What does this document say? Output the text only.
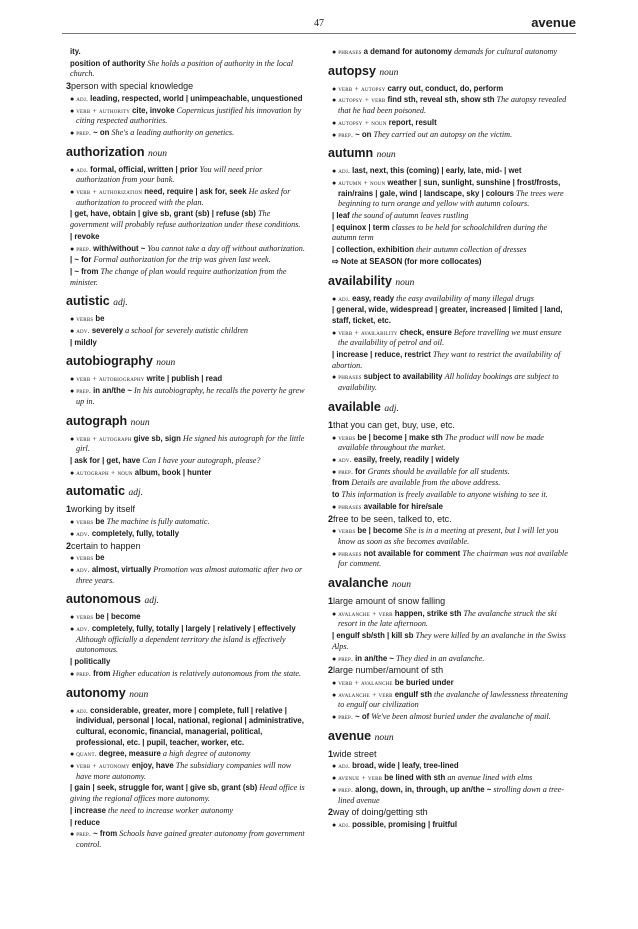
47	avenue
ity.
position of authority She holds a position of authority in the local church.
3person with special knowledge
● adj. leading, respected, world | unimpeachable, unquestioned
● verb + authority cite, invoke Copernicus justified his innovation by citing respected authorities.
● prep. ~ on She's a leading authority on genetics.
authorization noun
● adj. formal, official, written | prior You will need prior authorization from your bank.
● verb + authorization need, require | ask for, seek He asked for authorization to proceed with the plan.
| get, have, obtain | give sb, grant (sb) | refuse (sb) The government will probably refuse authorization under these conditions.
| revoke
● prep. with/without ~ You cannot take a day off without authorization.
| ~ for Formal authorization for the trip was given last week.
| ~ from The change of plan would require authorization from the minister.
autistic adj.
● verbs be
● adv. severely a school for severely autistic children
| mildly
autobiography noun
● verb + autobiography write | publish | read
● prep. in an/the ~ In his autobiography, he recalls the poverty he grew up in.
autograph noun
● verb + autograph give sb, sign He signed his autograph for the little girl.
| ask for | get, have Can I have your autograph, please?
● autograph + noun album, book | hunter
automatic adj.
1working by itself
● verbs be The machine is fully automatic.
● adv. completely, fully, totally
2certain to happen
● verbs be
● adv. almost, virtually Promotion was almost automatic after two or three years.
autonomous adj.
● verbs be | become
● adv. completely, fully, totally | largely | relatively | effectively Although officially a dependent territory the island is effectively autonomous.
| politically
● prep. from Higher education is relatively autonomous from the state.
autonomy noun
● adj. considerable, greater, more | complete, full | relative | individual, personal | local, national, regional | administrative, cultural, economic, financial, managerial, political, professional, etc. | pupil, teacher, worker, etc.
● quant. degree, measure a high degree of autonomy
● verb + autonomy enjoy, have The subsidiary companies will now have more autonomy.
| gain | seek, struggle for, want | give sb, grant (sb) Head office is giving the regional offices more autonomy.
| increase the need to increase worker autonomy
| reduce
● prep. ~ from Schools have gained greater autonomy from government control.
● phrases a demand for autonomy demands for cultural autonomy
autopsy noun
● verb + autopsy carry out, conduct, do, perform
● autopsy + verb find sth, reveal sth, show sth The autopsy revealed that he had been poisoned.
● autopsy + noun report, result
● prep. ~ on They carried out an autopsy on the victim.
autumn noun
● adj. last, next, this (coming) | early, late, mid- | wet
● autumn + noun weather | sun, sunlight, sunshine | frost/frosts, rain/rains | gale, wind | landscape, sky | colours The trees were beginning to turn orange and yellow with autumn colours.
| leaf the sound of autumn leaves rustling
| equinox | term classes to be held for schoolchildren during the autumn term
| collection, exhibition their autumn collection of dresses
⇨ Note at SEASON (for more collocates)
availability noun
● adj. easy, ready the easy availability of many illegal drugs
| general, wide, widespread | greater, increased | limited | land, staff, ticket, etc.
● verb + availability check, ensure Before travelling we must ensure the availability of petrol and oil.
| increase | reduce, restrict They want to restrict the availability of abortion.
● phrases subject to availability All holiday bookings are subject to availability.
available adj.
1that you can get, buy, use, etc.
● verbs be | become | make sth The product will now be made available throughout the market.
● adv. easily, freely, readily | widely
● prep. for Grants should be available for all students.
from Details are available from the above address.
to This information is freely available to anyone wishing to see it.
● phrases available for hire/sale
2free to be seen, talked to, etc.
● verbs be | become She is in a meeting at present, but I will let you know as soon as she becomes available.
● phrases not available for comment The chairman was not available for comment.
avalanche noun
1large amount of snow falling
● avalanche + verb happen, strike sth The avalanche struck the ski resort in the late afternoon.
| engulf sb/sth | kill sb They were killed by an avalanche in the Swiss Alps.
● prep. in an/the ~ They died in an avalanche.
2large number/amount of sth
● verb + avalanche be buried under
● avalanche + verb engulf sth the avalanche of lawlessness threatening to engulf our civilization
● prep. ~ of We've been almost buried under the avalanche of mail.
avenue noun
1wide street
● adj. broad, wide | leafy, tree-lined
● avenue + verb be lined with sth an avenue lined with elms
● prep. along, down, in, through, up an/the ~ strolling down a tree-lined avenue
2way of doing/getting sth
● adj. possible, promising | fruitful
